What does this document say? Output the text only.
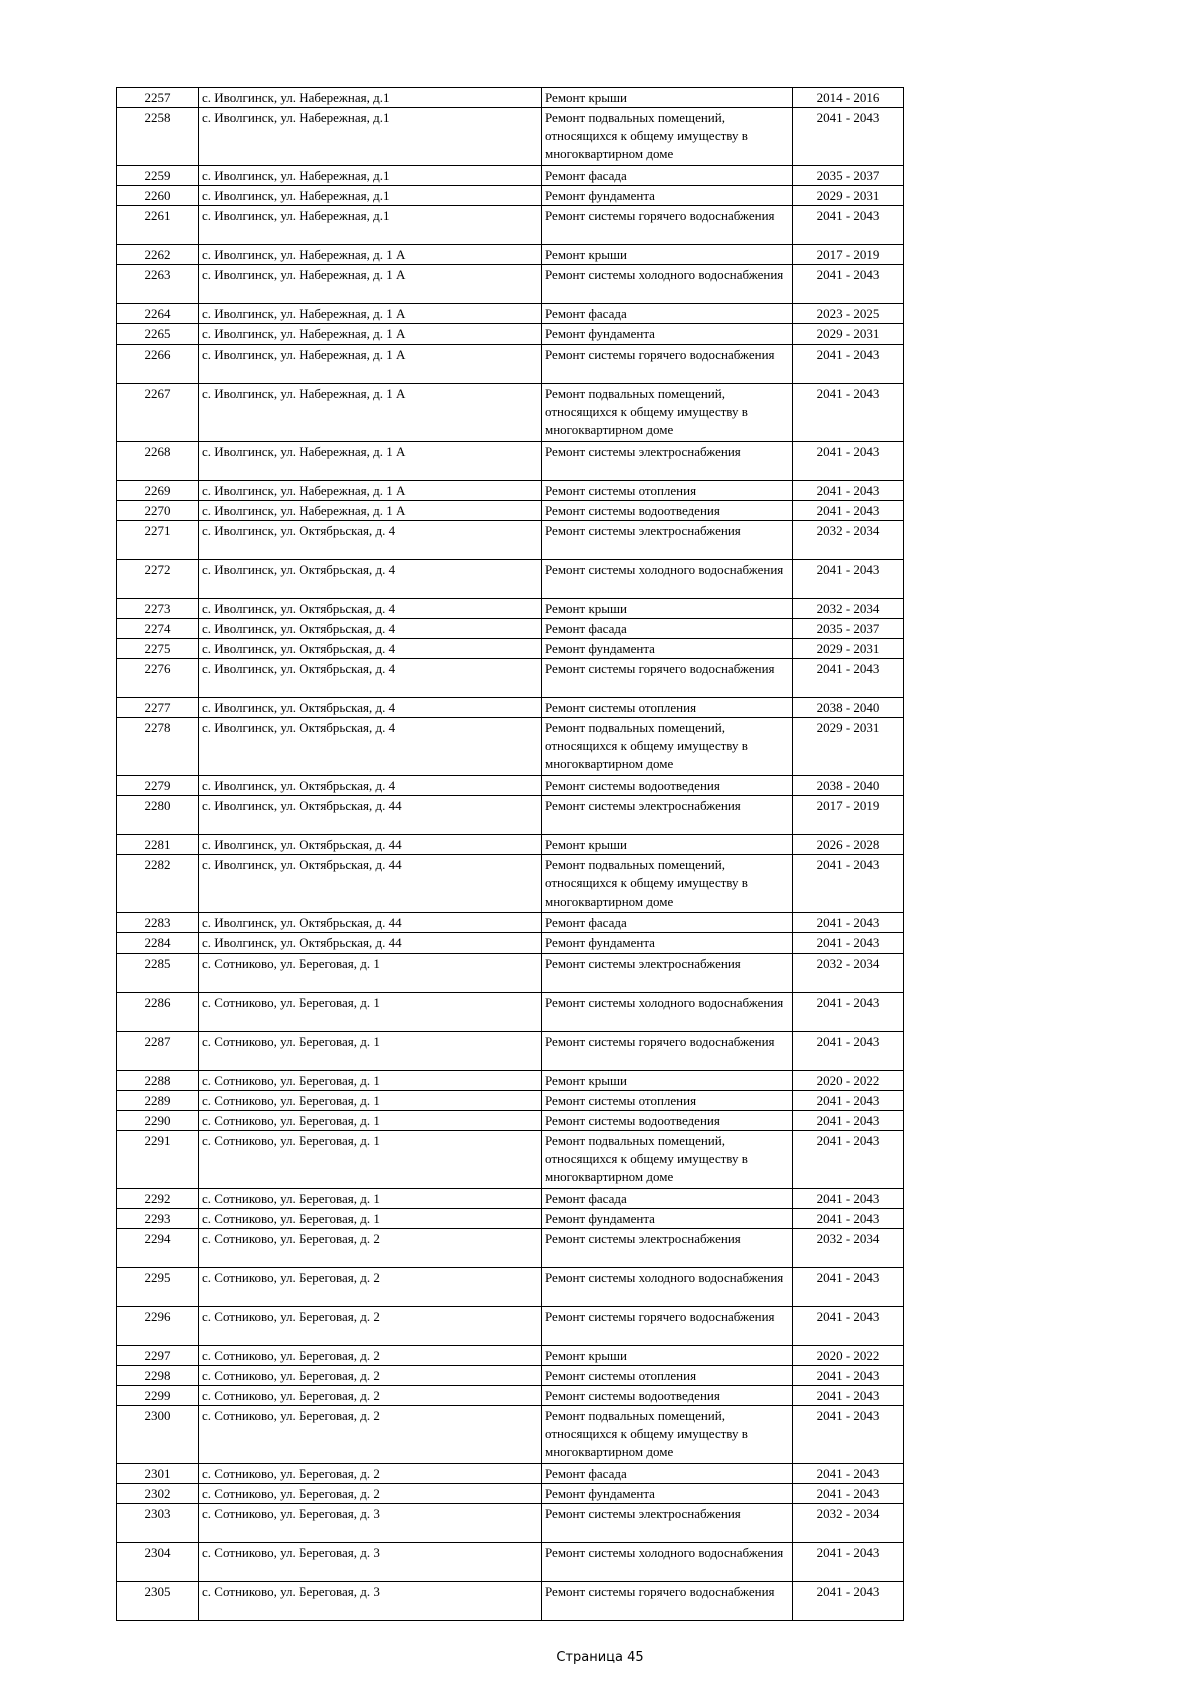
2257	с. Иволгинск, ул. Набережная, д.1	Ремонт крыши	2014 - 2016
2258	с. Иволгинск, ул. Набережная, д.1	Ремонт подвальных помещений, относящихся к общему имуществу в многоквартирном доме	2041 - 2043
2259	с. Иволгинск, ул. Набережная, д.1	Ремонт фасада	2035 - 2037
2260	с. Иволгинск, ул. Набережная, д.1	Ремонт фундамента	2029 - 2031
2261	с. Иволгинск, ул. Набережная, д.1	Ремонт системы горячего водоснабжения	2041 - 2043
2262	с. Иволгинск, ул. Набережная, д. 1 А	Ремонт крыши	2017 - 2019
2263	с. Иволгинск, ул. Набережная, д. 1 А	Ремонт системы холодного водоснабжения	2041 - 2043
2264	с. Иволгинск, ул. Набережная, д. 1 А	Ремонт фасада	2023 - 2025
2265	с. Иволгинск, ул. Набережная, д. 1 А	Ремонт фундамента	2029 - 2031
2266	с. Иволгинск, ул. Набережная, д. 1 А	Ремонт системы горячего водоснабжения	2041 - 2043
2267	с. Иволгинск, ул. Набережная, д. 1 А	Ремонт подвальных помещений, относящихся к общему имуществу в многоквартирном доме	2041 - 2043
2268	с. Иволгинск, ул. Набережная, д. 1 А	Ремонт системы электроснабжения	2041 - 2043
2269	с. Иволгинск, ул. Набережная, д. 1 А	Ремонт системы отопления	2041 - 2043
2270	с. Иволгинск, ул. Набережная, д. 1 А	Ремонт системы водоотведения	2041 - 2043
2271	с. Иволгинск, ул. Октябрьская, д. 4	Ремонт системы электроснабжения	2032 - 2034
2272	с. Иволгинск, ул. Октябрьская, д. 4	Ремонт системы холодного водоснабжения	2041 - 2043
2273	с. Иволгинск, ул. Октябрьская, д. 4	Ремонт крыши	2032 - 2034
2274	с. Иволгинск, ул. Октябрьская, д. 4	Ремонт фасада	2035 - 2037
2275	с. Иволгинск, ул. Октябрьская, д. 4	Ремонт фундамента	2029 - 2031
2276	с. Иволгинск, ул. Октябрьская, д. 4	Ремонт системы горячего водоснабжения	2041 - 2043
2277	с. Иволгинск, ул. Октябрьская, д. 4	Ремонт системы отопления	2038 - 2040
2278	с. Иволгинск, ул. Октябрьская, д. 4	Ремонт подвальных помещений, относящихся к общему имуществу в многоквартирном доме	2029 - 2031
2279	с. Иволгинск, ул. Октябрьская, д. 4	Ремонт системы водоотведения	2038 - 2040
2280	с. Иволгинск, ул. Октябрьская, д. 44	Ремонт системы электроснабжения	2017 - 2019
2281	с. Иволгинск, ул. Октябрьская, д. 44	Ремонт крыши	2026 - 2028
2282	с. Иволгинск, ул. Октябрьская, д. 44	Ремонт подвальных помещений, относящихся к общему имуществу в многоквартирном доме	2041 - 2043
2283	с. Иволгинск, ул. Октябрьская, д. 44	Ремонт фасада	2041 - 2043
2284	с. Иволгинск, ул. Октябрьская, д. 44	Ремонт фундамента	2041 - 2043
2285	с. Сотниково, ул. Береговая, д. 1	Ремонт системы электроснабжения	2032 - 2034
2286	с. Сотниково, ул. Береговая, д. 1	Ремонт системы холодного водоснабжения	2041 - 2043
2287	с. Сотниково, ул. Береговая, д. 1	Ремонт системы горячего водоснабжения	2041 - 2043
2288	с. Сотниково, ул. Береговая, д. 1	Ремонт крыши	2020 - 2022
2289	с. Сотниково, ул. Береговая, д. 1	Ремонт системы отопления	2041 - 2043
2290	с. Сотниково, ул. Береговая, д. 1	Ремонт системы водоотведения	2041 - 2043
2291	с. Сотниково, ул. Береговая, д. 1	Ремонт подвальных помещений, относящихся к общему имуществу в многоквартирном доме	2041 - 2043
2292	с. Сотниково, ул. Береговая, д. 1	Ремонт фасада	2041 - 2043
2293	с. Сотниково, ул. Береговая, д. 1	Ремонт фундамента	2041 - 2043
2294	с. Сотниково, ул. Береговая, д. 2	Ремонт системы электроснабжения	2032 - 2034
2295	с. Сотниково, ул. Береговая, д. 2	Ремонт системы холодного водоснабжения	2041 - 2043
2296	с. Сотниково, ул. Береговая, д. 2	Ремонт системы горячего водоснабжения	2041 - 2043
2297	с. Сотниково, ул. Береговая, д. 2	Ремонт крыши	2020 - 2022
2298	с. Сотниково, ул. Береговая, д. 2	Ремонт системы отопления	2041 - 2043
2299	с. Сотниково, ул. Береговая, д. 2	Ремонт системы водоотведения	2041 - 2043
2300	с. Сотниково, ул. Береговая, д. 2	Ремонт подвальных помещений, относящихся к общему имуществу в многоквартирном доме	2041 - 2043
2301	с. Сотниково, ул. Береговая, д. 2	Ремонт фасада	2041 - 2043
2302	с. Сотниково, ул. Береговая, д. 2	Ремонт фундамента	2041 - 2043
2303	с. Сотниково, ул. Береговая, д. 3	Ремонт системы электроснабжения	2032 - 2034
2304	с. Сотниково, ул. Береговая, д. 3	Ремонт системы холодного водоснабжения	2041 - 2043
2305	с. Сотниково, ул. Береговая, д. 3	Ремонт системы горячего водоснабжения	2041 - 2043
Страница 45
